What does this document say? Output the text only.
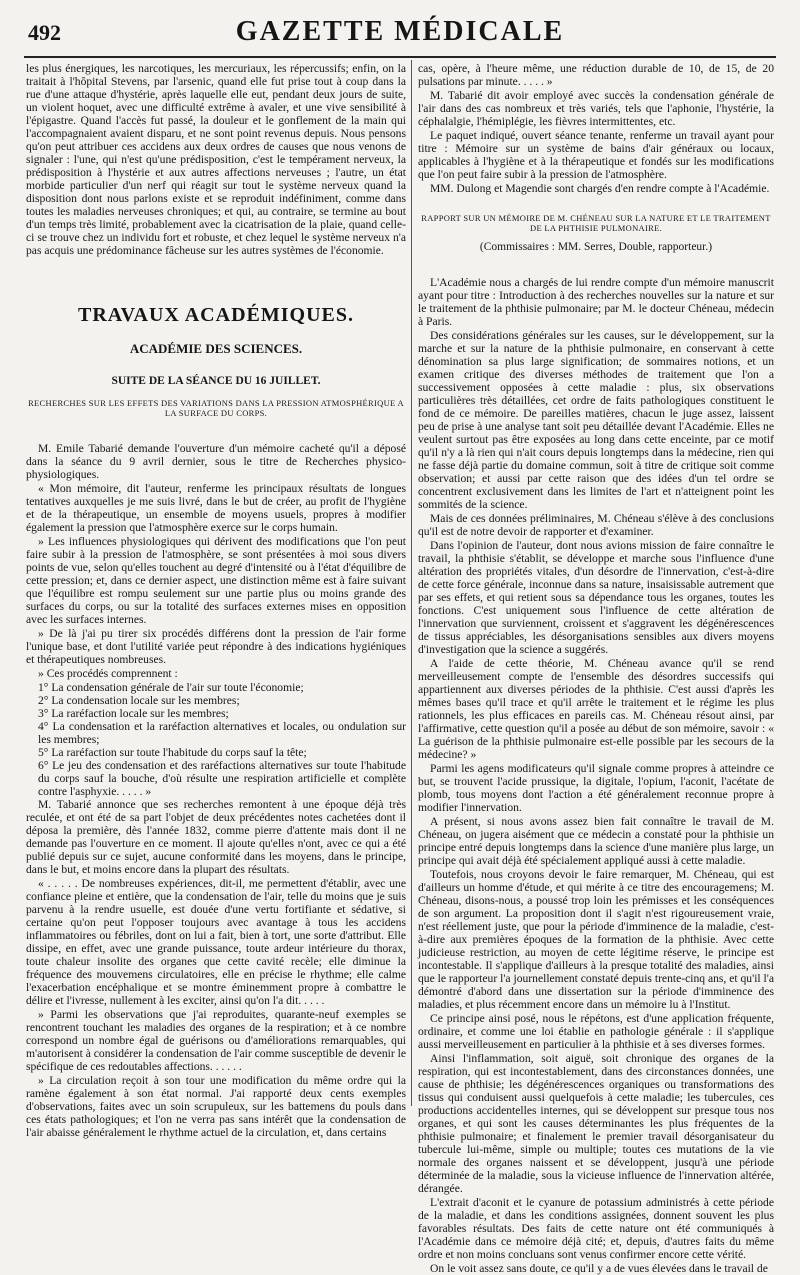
492	GAZETTE MÉDICALE

les plus énergiques, les narcotiques, les mercuriaux, les répercussifs; enfin, on la traitait à l'hôpital Stevens, par l'arsenic, quand elle fut prise tout à coup dans la rue d'une attaque d'hystérie, après laquelle elle eut, pendant deux jours de suite, un violent hoquet, avec une difficulté extrême à avaler, et une vive sensibilité à l'épigastre. Quand l'accès fut passé, la douleur et le gonflement de la main qui l'accompagnaient avaient disparu, et ne sont point revenus depuis. Nous pensons qu'on peut attribuer ces accidens aux deux ordres de causes que nous venons de signaler : l'une, qui n'est qu'une prédisposition, c'est le tempérament nerveux, la prédisposition à l'hystérie et aux autres affections nerveuses ; l'autre, un état morbide particulier d'un nerf qui réagit sur tout le système nerveux quand la disposition dont nous parlons existe et se reproduit indéfiniment, comme dans toutes les maladies nerveuses chroniques; et qui, au contraire, se termine au bout d'un temps très limité, probablement avec la cicatrisation de la plaie, quand celle-ci se trouve chez un individu fort et robuste, et chez lequel le système nerveux n'a pas acquis une prédominance fâcheuse sur les autres systèmes de l'économie.

TRAVAUX ACADÉMIQUES.
ACADÉMIE DES SCIENCES.
SUITE DE LA SÉANCE DU 16 JUILLET.
RECHERCHES SUR LES EFFETS DES VARIATIONS DANS LA PRESSION ATMOSPHÉRIQUE A LA SURFACE DU CORPS.

M. Emile Tabarié demande l'ouverture d'un mémoire cacheté qu'il a déposé dans la séance du 9 avril dernier, sous le titre de Recherches physico-physiologiques.

« Mon mémoire, dit l'auteur, renferme les principaux résultats de longues tentatives auxquelles je me suis livré, dans le but de créer, au profit de l'hygiène et de la thérapeutique, un ensemble de moyens usuels, propres à modifier également la pression que l'atmosphère exerce sur le corps humain.

» Les influences physiologiques qui dérivent des modifications que l'on peut faire subir à la pression de l'atmosphère, se sont présentées à moi sous divers points de vue, selon qu'elles touchent au degré d'intensité ou à l'état d'équilibre de cette pression; et, dans ce dernier aspect, une distinction même est à faire suivant que l'équilibre est rompu seulement sur une partie plus ou moins grande des surfaces du corps, ou sur la totalité des surfaces externes mises en opposition avec les surfaces internes.

» De là j'ai pu tirer six procédés différens dont la pression de l'air forme l'unique base, et dont l'utilité variée peut répondre à des indications hygiéniques et thérapeutiques nombreuses.

» Ces procédés comprennent :

1° La condensation générale de l'air sur toute l'économie;

2° La condensation locale sur les membres;

3° La raréfaction locale sur les membres;

4° La condensation et la raréfaction alternatives et locales, ou ondulation sur les membres;

5° La raréfaction sur toute l'habitude du corps sauf la tête;

6° Le jeu des condensation et des raréfactions alternatives sur toute l'habitude du corps sauf la bouche, d'où résulte une respiration artificielle et complète contre l'asphyxie. . . . . »

M. Tabarié annonce que ses recherches remontent à une époque déjà très reculée, et ont été de sa part l'objet de deux précédentes notes cachetées dont il déposa la première, dès l'année 1832, comme pierre d'attente mais dont il ne demande pas l'ouverture en ce moment. Il ajoute qu'elles n'ont, avec ce qui a été publié depuis sur ce sujet, aucune conformité dans les moyens, dans le principe, dans le but, et moins encore dans la plupart des résultats.

« . . . . . De nombreuses expériences, dit-il, me permettent d'établir, avec une confiance pleine et entière, que la condensation de l'air, telle du moins que je suis parvenu à la rendre usuelle, est douée d'une vertu fortifiante et sédative, si certaine qu'on peut l'opposer toujours avec avantage à tous les accidens inflammatoires ou fébriles, dont on lui a fait, bien à tort, une sorte d'attribut. Elle dissipe, en effet, avec une grande puissance, toute ardeur intérieure du thorax, toute chaleur insolite des organes que cette cavité recèle; elle diminue la fréquence des mouvemens circulatoires, elle en précise le rhythme; elle calme l'exacerbation encéphalique et se montre éminemment propre à combattre le délire et l'ivresse, nullement à les exciter, ainsi qu'on l'a dit. . . . .

» Parmi les observations que j'ai reproduites, quarante-neuf exemples se rencontrent touchant les maladies des organes de la respiration; et à ce nombre correspond un nombre égal de guérisons ou d'améliorations remarquables, qui m'autorisent à considérer la condensation de l'air comme susceptible de devenir le spécifique de ces redoutables affections. . . . . .

» La circulation reçoit à son tour une modification du même ordre qui la ramène également à son état normal. J'ai rapporté deux cents exemples d'observations, faites avec un soin scrupuleux, sur les battemens du pouls dans ces états pathologiques; et l'on ne verra pas sans intérêt que la condensation de l'air abaisse généralement le rhythme actuel de la circulation, et, dans certains

cas, opère, à l'heure même, une réduction durable de 10, de 15, de 20 pulsations par minute. . . . . »

M. Tabarié dit avoir employé avec succès la condensation générale de l'air dans des cas nombreux et très variés, tels que l'aphonie, l'hystérie, la céphalalgie, l'hémiplégie, les fièvres intermittentes, etc.

Le paquet indiqué, ouvert séance tenante, renferme un travail ayant pour titre : Mémoire sur un système de bains d'air généraux ou locaux, applicables à l'hygiène et à la thérapeutique et fondés sur les modifications que l'on peut faire subir à la pression de l'atmosphère.

MM. Dulong et Magendie sont chargés d'en rendre compte à l'Académie.

RAPPORT SUR UN MÉMOIRE DE M. CHÉNEAU SUR LA NATURE ET LE TRAITEMENT DE LA PHTHISIE PULMONAIRE.
(Commissaires : MM. Serres, Double, rapporteur.)

L'Académie nous a chargés de lui rendre compte d'un mémoire manuscrit ayant pour titre : Introduction à des recherches nouvelles sur la nature et sur le traitement de la phthisie pulmonaire; par M. le docteur Chéneau, médecin à Paris.

Des considérations générales sur les causes, sur le développement, sur la marche et sur la nature de la phthisie pulmonaire, en conservant à cette dénomination sa plus large signification; de sommaires notions, et un examen critique des diverses méthodes de traitement que l'on a successivement opposées à cette maladie : plus, six observations particulières très détaillées, cet ordre de faits pathologiques constituent le fond de ce mémoire. De pareilles matières, chacun le juge assez, laissent peu de prise à une analyse tant soit peu détaillée devant l'Académie. Elles ne veulent surtout pas être exposées au long dans cette enceinte, par ce motif qu'il n'y a là rien qui n'ait cours depuis longtemps dans la médecine, rien qui ne fasse déjà partie du domaine commun, soit à titre de critique soit comme observation; et aussi par cette raison que des idées d'un tel ordre se concentrent exclusivement dans les limites de l'art et n'atteignent point les sommités de la science.

Mais de ces données préliminaires, M. Chéneau s'élève à des conclusions qu'il est de notre devoir de rapporter et d'examiner.

Dans l'opinion de l'auteur, dont nous avions mission de faire connaître le travail, la phthisie s'établit, se développe et marche sous l'influence d'une altération des propriétés vitales, d'un désordre de l'innervation, c'est-à-dire de cette force générale, inconnue dans sa nature, insaisissable autrement que par ses effets, et qui retient sous sa dépendance tous les organes, toutes les fonctions. C'est uniquement sous l'influence de cette altération de l'innervation que surviennent, croissent et s'aggravent les dégénérescences de tissus appréciables, les désorganisations sensibles aux divers moyens d'investigation que la science a suggérés.

A l'aide de cette théorie, M. Chéneau avance qu'il se rend merveilleusement compte de l'ensemble des désordres successifs qui appartiennent aux diverses périodes de la phthisie. C'est aussi d'après les mêmes bases qu'il trace et qu'il arrête le traitement et le régime les plus rationnels, les plus efficaces en pareils cas. M. Chéneau résout ainsi, par l'affirmative, cette question qu'il a posée au début de son mémoire, savoir : « La guérison de la phthisie pulmonaire est-elle possible par les secours de la médecine? »

Parmi les agens modificateurs qu'il signale comme propres à atteindre ce but, se trouvent l'acide prussique, la digitale, l'opium, l'aconit, l'acétate de plomb, tous moyens dont l'action a été généralement reconnue propre à modifier l'innervation.

A présent, si nous avons assez bien fait connaître le travail de M. Chéneau, on jugera aisément que ce médecin a constaté pour la phthisie un principe entré depuis longtemps dans la science d'une manière plus large, un principe qui avait déjà été spécialement appliqué aussi à cette maladie.

Toutefois, nous croyons devoir le faire remarquer, M. Chéneau, qui est d'ailleurs un homme d'étude, et qui mérite à ce titre des encouragemens; M. Chéneau, disons-nous, a poussé trop loin les prémisses et les conséquences de son argument. La proposition dont il s'agit n'est rigoureusement vraie, n'est réellement juste, que pour la période d'imminence de la maladie, c'est-à-dire aux premières époques de la formation de la phthisie. Avec cette judicieuse restriction, au moyen de cette légitime réserve, le principe est incontestable. Il s'applique d'ailleurs à la presque totalité des maladies, ainsi que le rapporteur l'a journellement constaté depuis trente-cinq ans, et qu'il l'a démontré d'abord dans une dissertation sur la période d'imminence des maladies, et plus récemment encore dans un mémoire lu à l'Institut.

Ce principe ainsi posé, nous le répétons, est d'une application fréquente, ordinaire, et comme une loi établie en pathologie générale : il s'applique aussi merveilleusement en particulier à la phthisie et à ses diverses formes.

Ainsi l'inflammation, soit aiguë, soit chronique des organes de la respiration, qui est incontestablement, dans des circonstances données, une cause de phthisie; les dégénérescences organiques ou transformations des tissus qui conduisent aussi quelquefois à cette maladie; les tubercules, ces productions accidentelles internes, qui se développent sur presque tous nos organes, et qui sont les causes déterminantes les plus fréquentes de la phthisie pulmonaire; et finalement le premier travail désorganisateur du tubercule lui-même, simple ou multiple; toutes ces mutations de la vie normale des organes naissent et se développent, jusqu'à une période déterminée de la maladie, sous la vicieuse influence de l'innervation altérée, dérangée.

L'extrait d'aconit et le cyanure de potassium administrés à cette période de la maladie, et dans les conditions assignées, donnent souvent les plus favorables résultats. Des faits de cette nature ont été communiqués à l'Académie dans ce mémoire déjà cité; et, depuis, d'autres faits du même ordre et non moins concluans sont venus confirmer encore cette vérité.

On le voit assez sans doute, ce qu'il y a de vues élevées dans le travail de
